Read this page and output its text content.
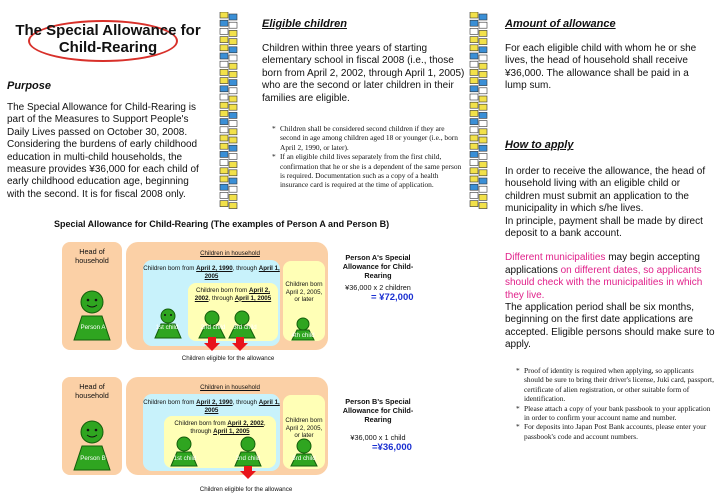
The Special Allowance for
Child-Rearing
Purpose
The Special Allowance for Child-Rearing is part of the Measures to Support People's Daily Lives passed on October 30, 2008. Considering the burdens of early childhood education in multi-child households, the measure provides ¥36,000 for each child of early childhood education age, beginning with the second. It is for fiscal 2008 only.
Eligible children
Children within three years of starting elementary school in fiscal 2008 (i.e., those born from April 2, 2002, through April 1, 2005) who are the second or later children in their families are eligible.
* Children shall be considered second children if they are second in age among children aged 18 or younger (i.e., born April 2, 1990, or later).
* If an eligible child lives separately from the first child, confirmation that he or she is a dependent of the same person is required. Documentation such as a copy of a health insurance card is required at the time of application.
Amount of allowance
For each eligible child with whom he or she lives, the head of household shall receive ¥36,000. The allowance shall be paid in a lump sum.
How to apply
In order to receive the allowance, the head of household living with an eligible child or children must submit an application to the municipality in which s/he lives.
In principle, payment shall be made by direct deposit to a bank account.
Different municipalities may begin accepting applications on different dates, so applicants should check with the municipalities in which they live.
The application period shall be six months, beginning on the first date applications are accepted. Eligible persons should make sure to apply.
* Proof of identity is required when applying, so applicants should be sure to bring their driver's license, Juki card, passport, certificate of alien registration, or other suitable form of identification.
* Please attach a copy of your bank passbook to your application in order to confirm your account name and number.
* For deposits into Japan Post Bank accounts, please enter your passbook's code and account numbers.
Special Allowance for Child-Rearing (The examples of Person A and Person B)
Head of household
Children in household
Children born from April 2, 1990, through April 1, 2005
Children born from April 2, 2002, through April 1, 2005
Children born April 2, 2005, or later
Person A	1st child	2nd child	3rd child
4th child
Children eligible for the allowance
Person A's Special Allowance for Child-Rearing
¥36,000 x 2 children
= ¥72,000
Head of household
Children in household
Children born from April 2, 1990, through April 1, 2005
Children born from April 2, 2002, through April 1, 2005
Children born April 2, 2005, or later
Person B	1st child	2nd child	3rd child
Children eligible for the allowance
Person B's Special Allowance for Child-Rearing
¥36,000 x 1 child
=¥36,000
